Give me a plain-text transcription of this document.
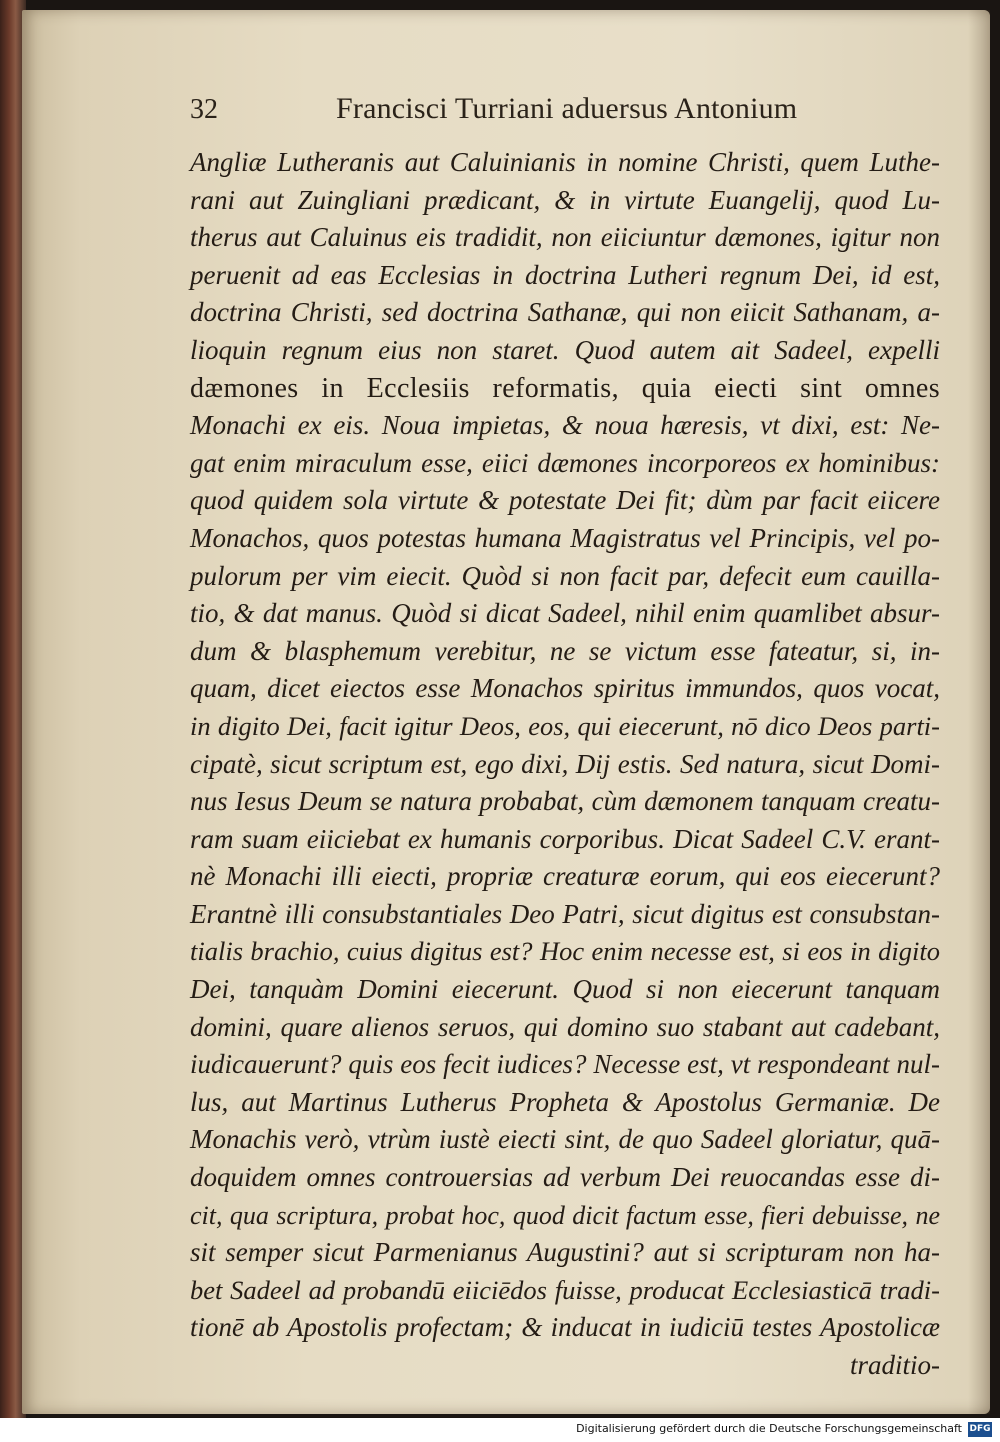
32	Francisci Turriani aduersus Antonium
Angliæ Lutheranis aut Caluinianis in nomine Christi, quem Luthe-
rani aut Zuingliani prædicant, & in virtute Euangelij, quod Lu-
therus aut Caluinus eis tradidit, non eiiciuntur dæmones, igitur non
peruenit ad eas Ecclesias in doctrina Lutheri regnum Dei, id est,
doctrina Christi, sed doctrina Sathanæ, qui non eiicit Sathanam, a-
lioquin regnum eius non staret. Quod autem ait Sadeel, expelli
dæmones in Ecclesiis reformatis, quia eiecti sint omnes
Monachi ex eis. Noua impietas, & noua hæresis, vt dixi, est: Ne-
gat enim miraculum esse, eiici dæmones incorporeos ex hominibus:
quod quidem sola virtute & potestate Dei fit; dùm par facit eiicere
Monachos, quos potestas humana Magistratus vel Principis, vel po-
pulorum per vim eiecit. Quòd si non facit par, defecit eum cauilla-
tio, & dat manus. Quòd si dicat Sadeel, nihil enim quamlibet absur-
dum & blasphemum verebitur, ne se victum esse fateatur, si, in-
quam, dicet eiectos esse Monachos spiritus immundos, quos vocat,
in digito Dei, facit igitur Deos, eos, qui eiecerunt, nō dico Deos parti-
cipatè, sicut scriptum est, ego dixi, Dij estis. Sed natura, sicut Domi-
nus Iesus Deum se natura probabat, cùm dæmonem tanquam creatu-
ram suam eiiciebat ex humanis corporibus. Dicat Sadeel C.V. erant-
nè Monachi illi eiecti, propriæ creaturæ eorum, qui eos eiecerunt?
Erantnè illi consubstantiales Deo Patri, sicut digitus est consubstan-
tialis brachio, cuius digitus est? Hoc enim necesse est, si eos in digito
Dei, tanquàm Domini eiecerunt. Quod si non eiecerunt tanquam
domini, quare alienos seruos, qui domino suo stabant aut cadebant,
iudicauerunt? quis eos fecit iudices? Necesse est, vt respondeant nul-
lus, aut Martinus Lutherus Propheta & Apostolus Germaniæ. De
Monachis verò, vtrùm iustè eiecti sint, de quo Sadeel gloriatur, quā-
doquidem omnes controuersias ad verbum Dei reuocandas esse di-
cit, qua scriptura, probat hoc, quod dicit factum esse, fieri debuisse, ne
sit semper sicut Parmenianus Augustini? aut si scripturam non ha-
bet Sadeel ad probandū eiiciēdos fuisse, producat Ecclesiasticā tradi-
tionē ab Apostolis profectam; & inducat in iudiciū testes Apostolicæ
traditio-
Digitalisierung gefördert durch die Deutsche Forschungsgemeinschaft DFG
